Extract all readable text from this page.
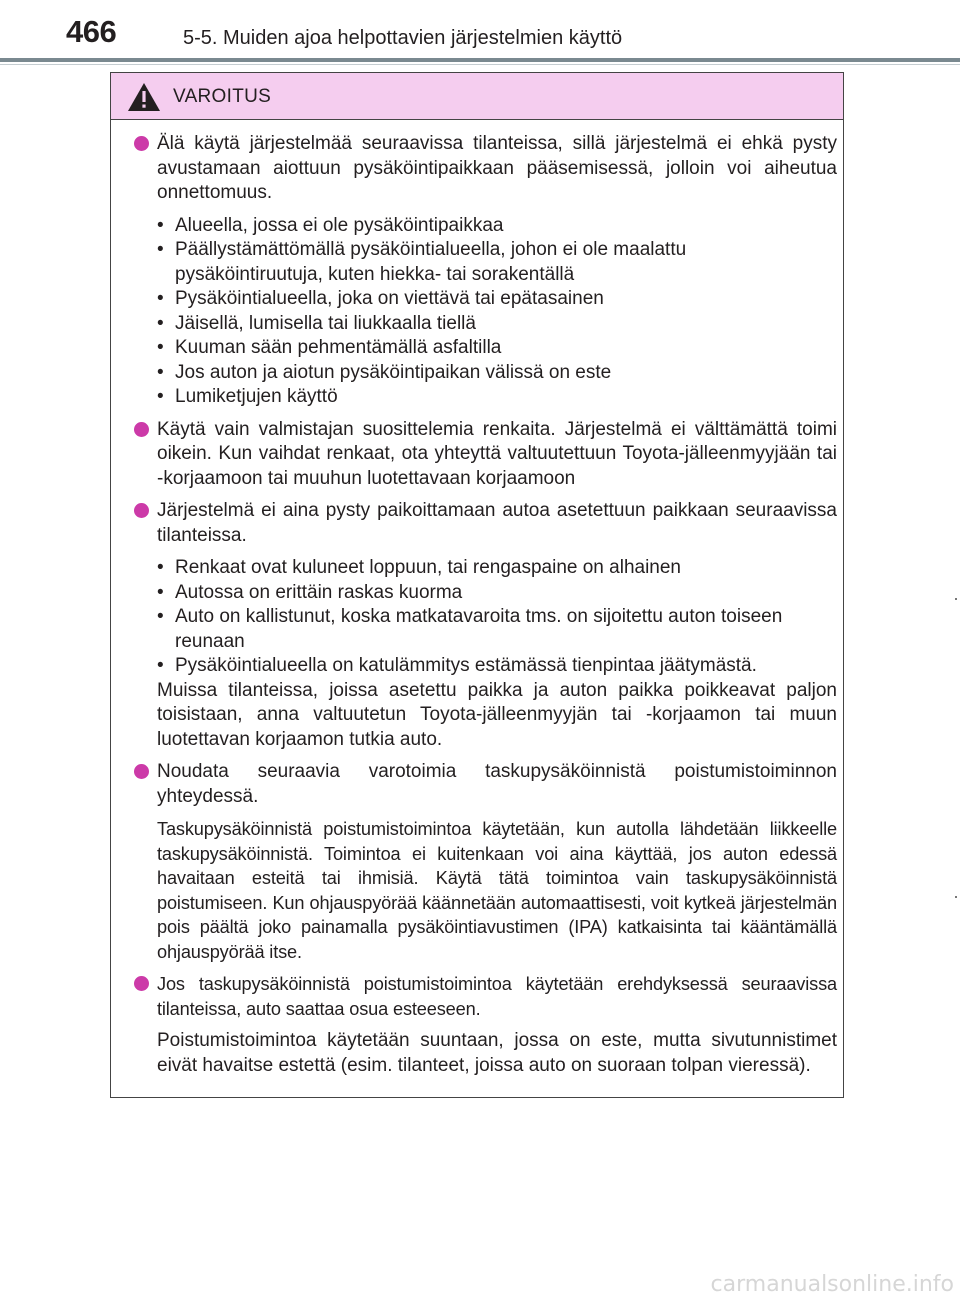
466	5-5. Muiden ajoa helpottavien järjestelmien käyttö
VAROITUS
Älä käytä järjestelmää seuraavissa tilanteissa, sillä järjestelmä ei ehkä pysty avustamaan aiottuun pysäköintipaikkaan pääsemisessä, jolloin voi aiheutua onnettomuus.
• Alueella, jossa ei ole pysäköintipaikkaa
• Päällystämättömällä pysäköintialueella, johon ei ole maalattu pysäköintiruutuja, kuten hiekka- tai sorakentällä
• Pysäköintialueella, joka on viettävä tai epätasainen
• Jäisellä, lumisella tai liukkaalla tiellä
• Kuuman sään pehmentämällä asfaltilla
• Jos auton ja aiotun pysäköintipaikan välissä on este
• Lumiketjujen käyttö
Käytä vain valmistajan suosittelemia renkaita. Järjestelmä ei välttämättä toimi oikein. Kun vaihdat renkaat, ota yhteyttä valtuutettuun Toyota-jälleenmyyjään tai -korjaamoon tai muuhun luotettavaan korjaamoon
Järjestelmä ei aina pysty paikoittamaan autoa asetettuun paikkaan seuraavissa tilanteissa.
• Renkaat ovat kuluneet loppuun, tai rengaspaine on alhainen
• Autossa on erittäin raskas kuorma
• Auto on kallistunut, koska matkatavaroita tms. on sijoitettu auton toiseen reunaan
• Pysäköintialueella on katulämmitys estämässä tienpintaa jäätymästä.
Muissa tilanteissa, joissa asetettu paikka ja auton paikka poikkeavat paljon toisistaan, anna valtuutetun Toyota-jälleenmyyjän tai -korjaamon tai muun luotettavan korjaamon tutkia auto.
Noudata seuraavia varotoimia taskupysäköinnistä poistumistoiminnon yhteydessä.
Taskupysäköinnistä poistumistoimintoa käytetään, kun autolla lähdetään liikkeelle taskupysäköinnistä. Toimintoa ei kuitenkaan voi aina käyttää, jos auton edessä havaitaan esteitä tai ihmisiä. Käytä tätä toimintoa vain taskupysäköinnistä poistumiseen. Kun ohjauspyörää käännetään automaattisesti, voit kytkeä järjestelmän pois päältä joko painamalla pysäköintiavustimen (IPA) katkaisinta tai kääntämällä ohjauspyörää itse.
Jos taskupysäköinnistä poistumistoimintoa käytetään erehdyksessä seuraavissa tilanteissa, auto saattaa osua esteeseen.
Poistumistoimintoa käytetään suuntaan, jossa on este, mutta sivutunnistimet eivät havaitse estettä (esim. tilanteet, joissa auto on suoraan tolpan vieressä).
carmanualsonline.info
